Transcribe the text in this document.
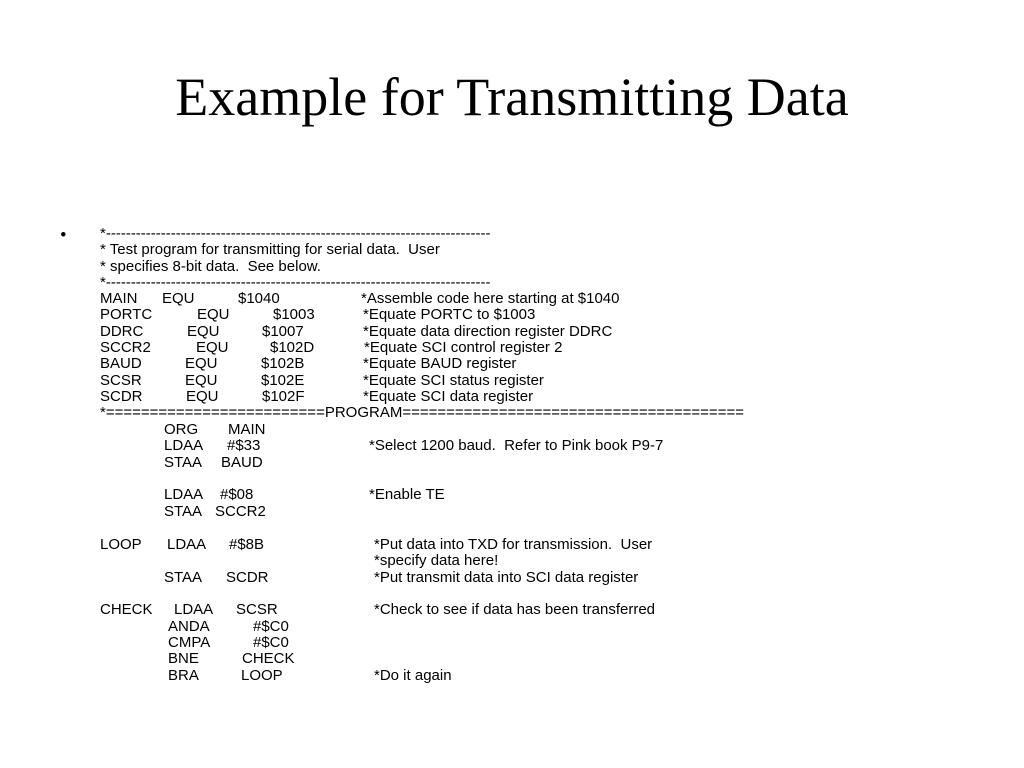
Example for Transmitting Data
• *-----------------------------------------------------------------------------
* Test program for transmitting for serial data.  User
* specifies 8-bit data.  See below.
*-----------------------------------------------------------------------------
MAIN EQU	$1040	*Assemble code here starting at $1040
PORTC	EQU	$1003	*Equate PORTC to $1003
DDRC	EQU	$1007	*Equate data direction register DDRC
SCCR2	EQU	$102D	*Equate SCI control register 2
BAUD	EQU	$102B	*Equate BAUD register
SCSR	EQU	$102E	*Equate SCI status register
SCDR	EQU	$102F	*Equate SCI data register
*=========================PROGRAM=======================================
ORG MAIN
LDAA #$33	*Select 1200 baud.  Refer to Pink book P9-7
STAA BAUD
LDAA #$08	*Enable TE
STAA SCCR2
LOOP LDAA #$8B	*Put data into TXD for transmission.  User
*specify data here!
STAA SCDR	*Put transmit data into SCI data register
CHECK LDAA SCSR	*Check to see if data has been transferred
ANDA	#$C0
CMPA	#$C0
BNE	CHECK
BRA	LOOP	*Do it again
